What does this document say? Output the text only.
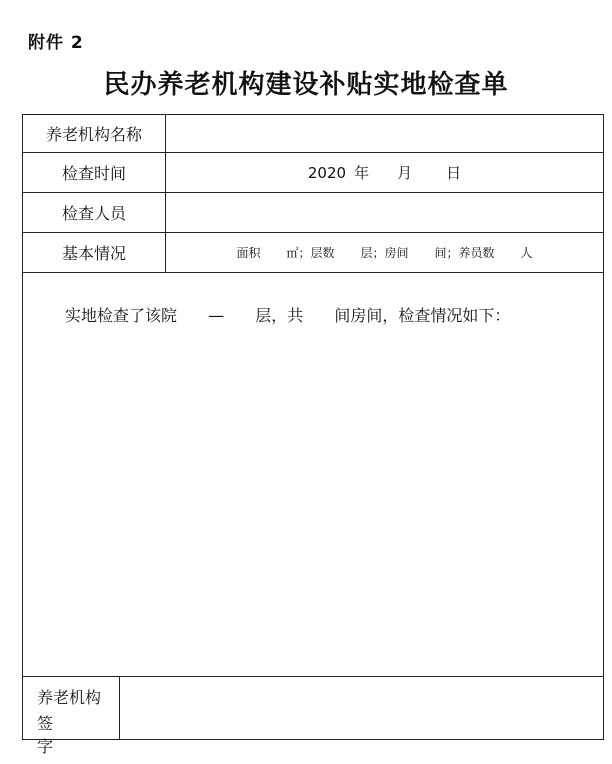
附件 2
民办养老机构建设补贴实地检查单
养老机构名称
检查时间	2020 年 月 日
检查人员
基本情况	面积 ㎡；层数 层；房间 间；养员数 人
实地检查了该院 — 层，共 间房间，检查情况如下：
养老机构
签字
